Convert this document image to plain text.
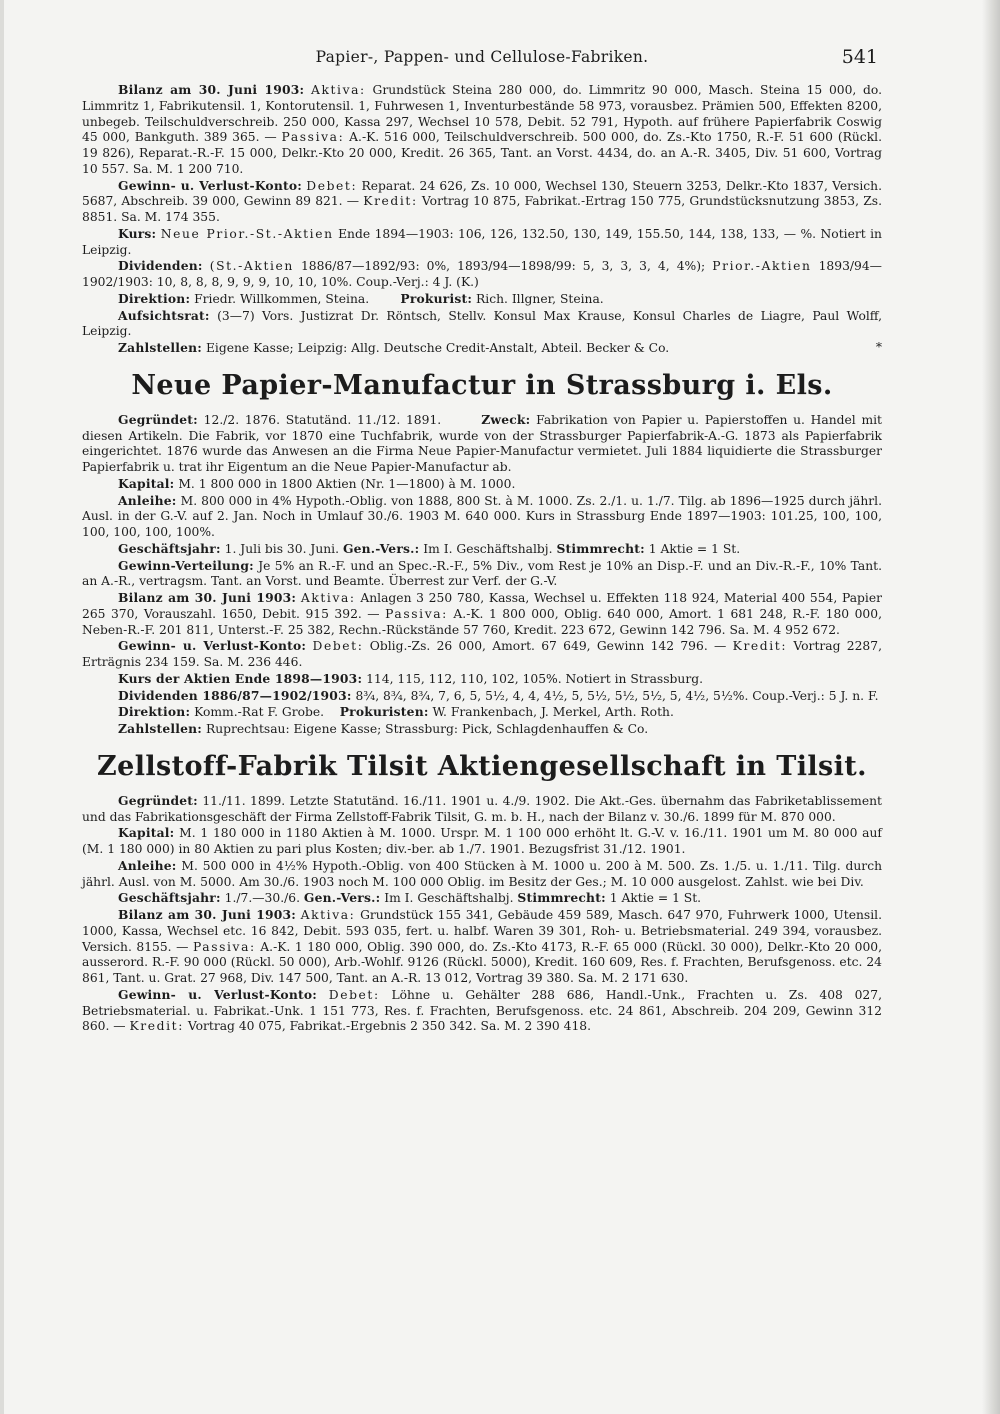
Papier-, Pappen- und Cellulose-Fabriken.	541

Bilanz am 30. Juni 1903: Aktiva: Grundstück Steina 280 000, do. Limmritz 90 000, Masch. Steina 15 000, do. Limmritz 1, Fabrikutensil. 1, Kontorutensil. 1, Fuhrwesen 1, Inventurbestände 58 973, vorausbez. Prämien 500, Effekten 8200, unbegeb. Teilschuldverschreib. 250 000, Kassa 297, Wechsel 10 578, Debit. 52 791, Hypoth. auf frühere Papierfabrik Coswig 45 000, Bankguth. 389 365. — Passiva: A.-K. 516 000, Teilschuldverschreib. 500 000, do. Zs.-Kto 1750, R.-F. 51 600 (Rückl. 19 826), Reparat.-R.-F. 15 000, Delkr.-Kto 20 000, Kredit. 26 365, Tant. an Vorst. 4434, do. an A.-R. 3405, Div. 51 600, Vortrag 10 557. Sa. M. 1 200 710.

Gewinn- u. Verlust-Konto: Debet: Reparat. 24 626, Zs. 10 000, Wechsel 130, Steuern 3253, Delkr.-Kto 1837, Versich. 5687, Abschreib. 39 000, Gewinn 89 821. — Kredit: Vortrag 10 875, Fabrikat.-Ertrag 150 775, Grundstücksnutzung 3853, Zs. 8851. Sa. M. 174 355.

Kurs: Neue Prior.-St.-Aktien Ende 1894—1903: 106, 126, 132.50, 130, 149, 155.50, 144, 138, 133, — %. Notiert in Leipzig.

Dividenden: (St.-Aktien 1886/87—1892/93: 0%, 1893/94—1898/99: 5, 3, 3, 3, 4, 4%); Prior.-Aktien 1893/94—1902/1903: 10, 8, 8, 8, 9, 9, 9, 10, 10, 10%. Coup.-Verj.: 4 J. (K.)

Direktion: Friedr. Willkommen, Steina.	Prokurist: Rich. Illgner, Steina.

Aufsichtsrat: (3—7) Vors. Justizrat Dr. Röntsch, Stellv. Konsul Max Krause, Konsul Charles de Liagre, Paul Wolff, Leipzig.

Zahlstellen: Eigene Kasse; Leipzig: Allg. Deutsche Credit-Anstalt, Abteil. Becker & Co.	*

Neue Papier-Manufactur in Strassburg i. Els.

Gegründet: 12./2. 1876. Statutänd. 11./12. 1891.	Zweck: Fabrikation von Papier u. Papierstoffen u. Handel mit diesen Artikeln. Die Fabrik, vor 1870 eine Tuchfabrik, wurde von der Strassburger Papierfabrik-A.-G. 1873 als Papierfabrik eingerichtet. 1876 wurde das Anwesen an die Firma Neue Papier-Manufactur vermietet. Juli 1884 liquidierte die Strassburger Papierfabrik u. trat ihr Eigentum an die Neue Papier-Manufactur ab.

Kapital: M. 1 800 000 in 1800 Aktien (Nr. 1—1800) à M. 1000.

Anleihe: M. 800 000 in 4% Hypoth.-Oblig. von 1888, 800 St. à M. 1000. Zs. 2./1. u. 1./7. Tilg. ab 1896—1925 durch jährl. Ausl. in der G.-V. auf 2. Jan. Noch in Umlauf 30./6. 1903 M. 640 000. Kurs in Strassburg Ende 1897—1903: 101.25, 100, 100, 100, 100, 100, 100%.

Geschäftsjahr: 1. Juli bis 30. Juni. Gen.-Vers.: Im I. Geschäftshalbj. Stimmrecht: 1 Aktie = 1 St.

Gewinn-Verteilung: Je 5% an R.-F. und an Spec.-R.-F., 5% Div., vom Rest je 10% an Disp.-F. und an Div.-R.-F., 10% Tant. an A.-R., vertragsm. Tant. an Vorst. und Beamte. Überrest zur Verf. der G.-V.

Bilanz am 30. Juni 1903: Aktiva: Anlagen 3 250 780, Kassa, Wechsel u. Effekten 118 924, Material 400 554, Papier 265 370, Vorauszahl. 1650, Debit. 915 392. — Passiva: A.-K. 1 800 000, Oblig. 640 000, Amort. 1 681 248, R.-F. 180 000, Neben-R.-F. 201 811, Unterst.-F. 25 382, Rechn.-Rückstände 57 760, Kredit. 223 672, Gewinn 142 796. Sa. M. 4 952 672.

Gewinn- u. Verlust-Konto: Debet: Oblig.-Zs. 26 000, Amort. 67 649, Gewinn 142 796. — Kredit: Vortrag 2287, Erträgnis 234 159. Sa. M. 236 446.

Kurs der Aktien Ende 1898—1903: 114, 115, 112, 110, 102, 105%. Notiert in Strassburg.

Dividenden 1886/87—1902/1903: 8¾, 8¾, 8¾, 7, 6, 5, 5½, 4, 4, 4½, 5, 5½, 5½, 5½, 5, 4½, 5½%. Coup.-Verj.: 5 J. n. F.

Direktion: Komm.-Rat F. Grobe. Prokuristen: W. Frankenbach, J. Merkel, Arth. Roth.

Zahlstellen: Ruprechtsau: Eigene Kasse; Strassburg: Pick, Schlagdenhauffen & Co.

Zellstoff-Fabrik Tilsit Aktiengesellschaft in Tilsit.

Gegründet: 11./11. 1899. Letzte Statutänd. 16./11. 1901 u. 4./9. 1902. Die Akt.-Ges. übernahm das Fabriketablissement und das Fabrikationsgeschäft der Firma Zellstoff-Fabrik Tilsit, G. m. b. H., nach der Bilanz v. 30./6. 1899 für M. 870 000.

Kapital: M. 1 180 000 in 1180 Aktien à M. 1000. Urspr. M. 1 100 000 erhöht lt. G.-V. v. 16./11. 1901 um M. 80 000 auf (M. 1 180 000) in 80 Aktien zu pari plus Kosten; div.-ber. ab 1./7. 1901. Bezugsfrist 31./12. 1901.

Anleihe: M. 500 000 in 4½% Hypoth.-Oblig. von 400 Stücken à M. 1000 u. 200 à M. 500. Zs. 1./5. u. 1./11. Tilg. durch jährl. Ausl. von M. 5000. Am 30./6. 1903 noch M. 100 000 Oblig. im Besitz der Ges.; M. 10 000 ausgelost. Zahlst. wie bei Div.

Geschäftsjahr: 1./7.—30./6. Gen.-Vers.: Im I. Geschäftshalbj. Stimmrecht: 1 Aktie = 1 St.

Bilanz am 30. Juni 1903: Aktiva: Grundstück 155 341, Gebäude 459 589, Masch. 647 970, Fuhrwerk 1000, Utensil. 1000, Kassa, Wechsel etc. 16 842, Debit. 593 035, fert. u. halbf. Waren 39 301, Roh- u. Betriebsmaterial. 249 394, vorausbez. Versich. 8155. — Passiva: A.-K. 1 180 000, Oblig. 390 000, do. Zs.-Kto 4173, R.-F. 65 000 (Rückl. 30 000), Delkr.-Kto 20 000, ausserord. R.-F. 90 000 (Rückl. 50 000), Arb.-Wohlf. 9126 (Rückl. 5000), Kredit. 160 609, Res. f. Frachten, Berufsgenoss. etc. 24 861, Tant. u. Grat. 27 968, Div. 147 500, Tant. an A.-R. 13 012, Vortrag 39 380. Sa. M. 2 171 630.

Gewinn- u. Verlust-Konto: Debet: Löhne u. Gehälter 288 686, Handl.-Unk., Frachten u. Zs. 408 027, Betriebsmaterial. u. Fabrikat.-Unk. 1 151 773, Res. f. Frachten, Berufsgenoss. etc. 24 861, Abschreib. 204 209, Gewinn 312 860. — Kredit: Vortrag 40 075, Fabrikat.-Ergebnis 2 350 342. Sa. M. 2 390 418.
